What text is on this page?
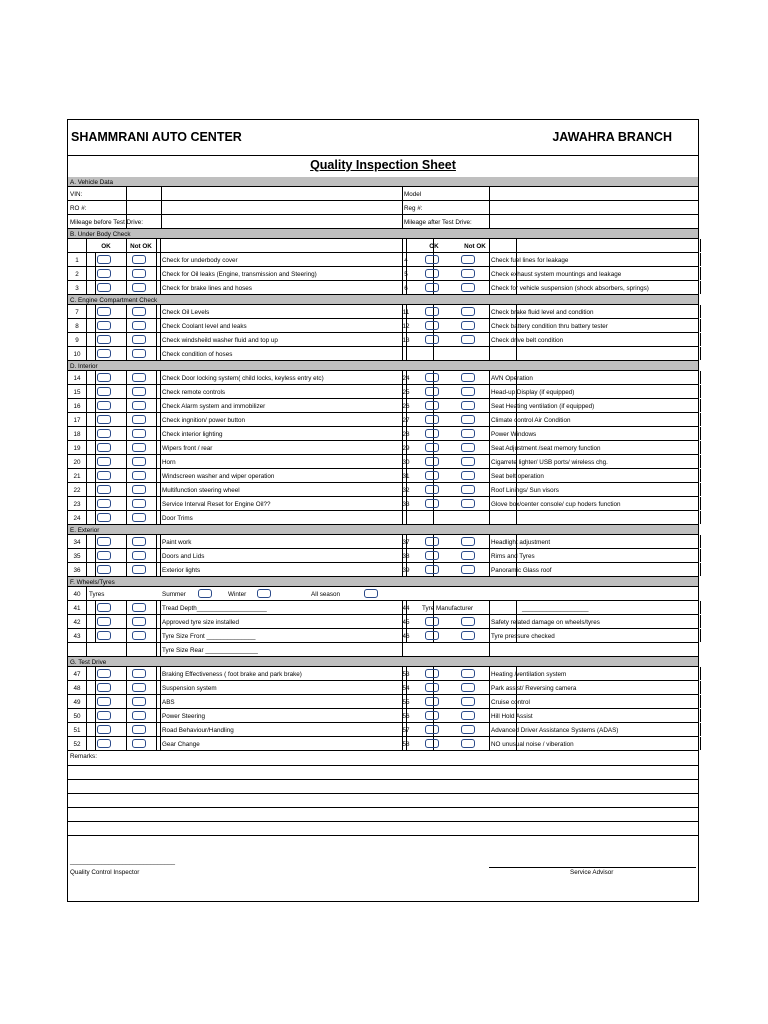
SHAMMRANI AUTO CENTER	JAWAHRA BRANCH
Quality Inspection Sheet
A. Vehicle Data
VIN:	Model
RO #:	Reg #:
Mileage before Test Drive:	Mileage after Test Drive:
B. Under Body Check
OK	Not OK	OK	Not OK
1	Check for underbody cover	4	Check fuel lines for leakage
2	Check for Oil leaks (Engine, transmission and Steering)	5	Check exhaust system mountings and leakage
3	Check for brake lines and hoses	6	Check for vehicle suspension (shock absorbers, springs)
C. Engine Compartment Check
7	Check Oil Levels	11	Check brake fluid level and condition
8	Check Coolant level and leaks	12	Check battery condition thru battery tester
9	Check windsheild washer fluid and top up	13	Check drive belt condition
10	Check condition of hoses
D. Interior
14	Check Door locking system( child locks, keyless entry etc)	24	AVN Operation
15	Check remote controls	25	Head-up Display (if equipped)
16	Check Alarm system and immobilizer	26	Seat Heating ventilation (if equipped)
17	Check ingnition/ power button	27	Climate control Air Condition
18	Check interior lighting	28	Power Windows
19	Wipers front / rear	29	Seat Adjustment /seat memory function
20	Horn	30	Cigarrete lighter/ USB ports/ wireless chg.
21	Windscreen washer and wiper operation	31	Seat belt operation
22	Multifunction steering wheel	32	Roof Linings/ Sun visors
23	Service Interval Reset for Engine Oil??	33	Glove box/center console/ cup hoders function
24	Door Trims
E. Exterior
34	Paint work	37	Headlight adjustment
35	Doors and Lids	38	Rims and Tyres
36	Exterior lights	39	Panoramic Glass roof
F. Wheels/Tyres
40	Tyres	Summer	Winter	All season
41	Tread Depth____________________	44 Tyre Manufacturer	___________________
42	Approved tyre size installed	45	Safety related damage on wheels/tyres
43	Tyre Size Front ______________	46	Tyre pressure checked
Tyre Size Rear _______________
G. Test Drive
47	Braking Effectiveness ( foot brake and park brake)	53	Heating /ventilation system
48	Suspension system	54	Park assist/ Reversing camera
49	ABS	55	Cruise control
50	Power Steering	56	Hill Hold Assist
51	Road Behaviour/Handling	57	Advanced Driver Assistance Systems (ADAS)
52	Gear Change	58	NO unusual noise / viberation
Remarks:
______________________________
Quality Control Inspector	Service Advisor
